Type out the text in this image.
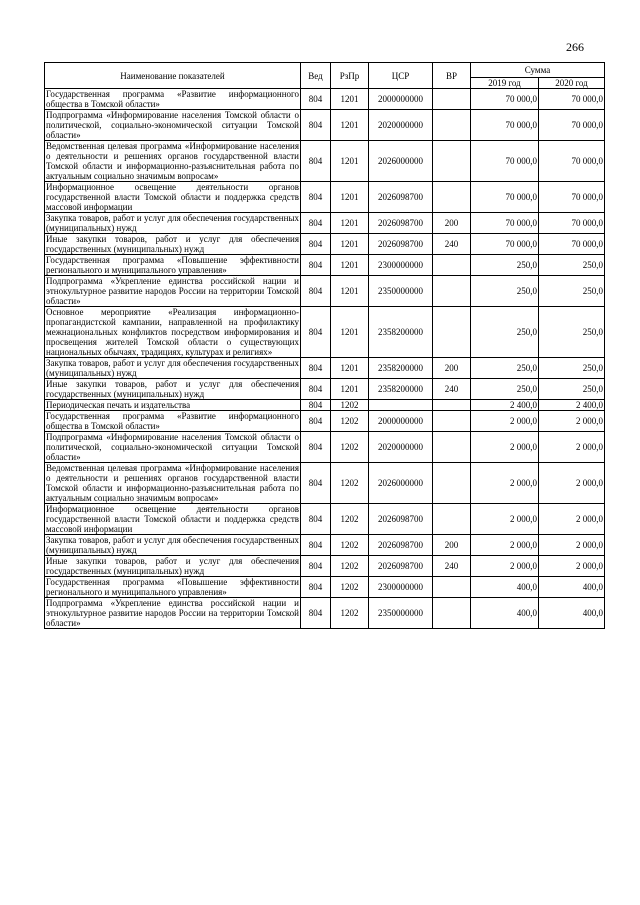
266
Наименование показателей	Вед	РзПр	ЦСР	ВР	Сумма	
					2019 год	2020 год
Государственная программа «Развитие информационного общества в Томской области»	804	1201	2000000000		70 000,0	70 000,0
Подпрограмма «Информирование населения Томской области о политической, социально-экономической ситуации Томской области»	804	1201	2020000000		70 000,0	70 000,0
Ведомственная целевая программа «Информирование населения о деятельности и решениях органов государственной власти Томской области и информационно-разъяснительная работа по актуальным социально значимым вопросам»	804	1201	2026000000		70 000,0	70 000,0
Информационное освещение деятельности органов государственной власти Томской области и поддержка средств массовой информации	804	1201	2026098700		70 000,0	70 000,0
Закупка товаров, работ и услуг для обеспечения государственных (муниципальных) нужд	804	1201	2026098700	200	70 000,0	70 000,0
Иные закупки товаров, работ и услуг для обеспечения государственных (муниципальных) нужд	804	1201	2026098700	240	70 000,0	70 000,0
Государственная программа «Повышение эффективности регионального и муниципального управления»	804	1201	2300000000		250,0	250,0
Подпрограмма «Укрепление единства российской нации и этнокультурное развитие народов России на территории Томской области»	804	1201	2350000000		250,0	250,0
Основное мероприятие «Реализация информационно-пропагандистской кампании, направленной на профилактику межнациональных конфликтов посредством информирования и просвещения жителей Томской области о существующих национальных обычаях, традициях, культурах и религиях»	804	1201	2358200000		250,0	250,0
Закупка товаров, работ и услуг для обеспечения государственных (муниципальных) нужд	804	1201	2358200000	200	250,0	250,0
Иные закупки товаров, работ и услуг для обеспечения государственных (муниципальных) нужд	804	1201	2358200000	240	250,0	250,0
Периодическая печать и издательства	804	1202			2 400,0	2 400,0
Государственная программа «Развитие информационного общества в Томской области»	804	1202	2000000000		2 000,0	2 000,0
Подпрограмма «Информирование населения Томской области о политической, социально-экономической ситуации Томской области»	804	1202	2020000000		2 000,0	2 000,0
Ведомственная целевая программа «Информирование населения о деятельности и решениях органов государственной власти Томской области и информационно-разъяснительная работа по актуальным социально значимым вопросам»	804	1202	2026000000		2 000,0	2 000,0
Информационное освещение деятельности органов государственной власти Томской области и поддержка средств массовой информации	804	1202	2026098700		2 000,0	2 000,0
Закупка товаров, работ и услуг для обеспечения государственных (муниципальных) нужд	804	1202	2026098700	200	2 000,0	2 000,0
Иные закупки товаров, работ и услуг для обеспечения государственных (муниципальных) нужд	804	1202	2026098700	240	2 000,0	2 000,0
Государственная программа «Повышение эффективности регионального и муниципального управления»	804	1202	2300000000		400,0	400,0
Подпрограмма «Укрепление единства российской нации и этнокультурное развитие народов России на территории Томской области»	804	1202	2350000000		400,0	400,0
